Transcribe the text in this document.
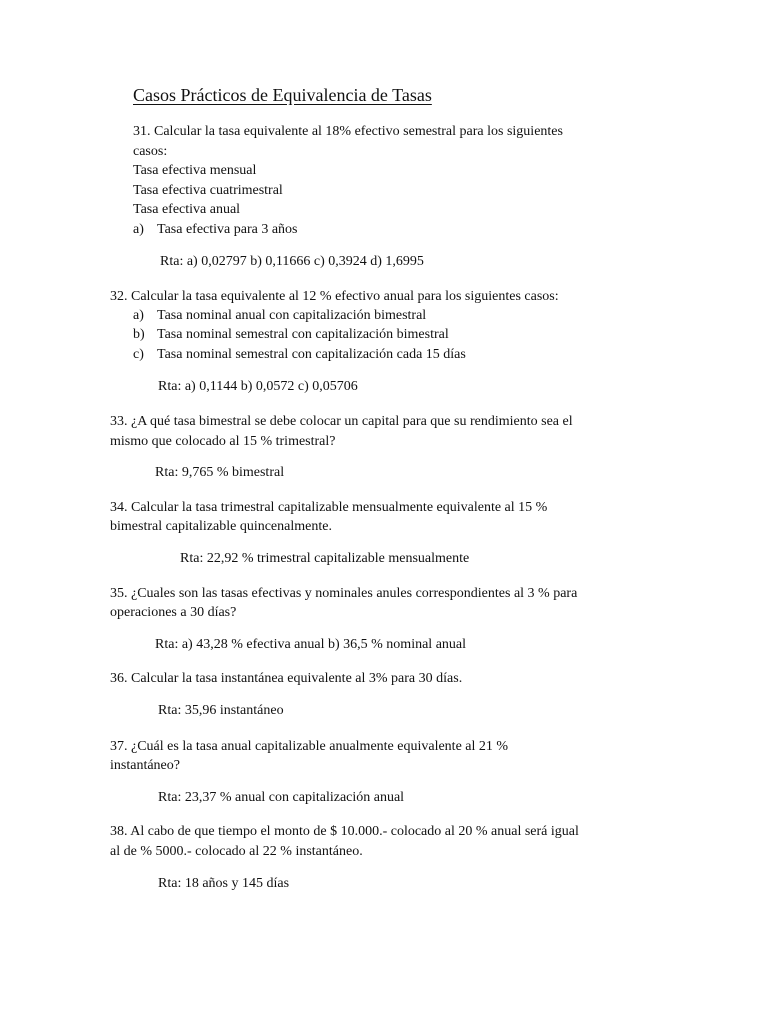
Casos Prácticos de Equivalencia de Tasas
31. Calcular la tasa equivalente al 18% efectivo semestral para los siguientes
casos:
Tasa efectiva mensual
Tasa efectiva cuatrimestral
Tasa efectiva anual
a) Tasa efectiva para 3 años
Rta: a) 0,02797 b) 0,11666 c) 0,3924 d) 1,6995
32. Calcular la tasa equivalente al 12 % efectivo anual para los siguientes casos:
a) Tasa nominal anual con capitalización bimestral
b) Tasa nominal semestral con capitalización bimestral
c) Tasa nominal semestral con capitalización cada 15 días
Rta: a) 0,1144 b) 0,0572 c) 0,05706
33. ¿A qué tasa bimestral se debe colocar un capital para que su rendimiento sea el
mismo que colocado al 15 % trimestral?
Rta: 9,765 % bimestral
34. Calcular la tasa trimestral capitalizable mensualmente equivalente al 15 %
bimestral capitalizable quincenalmente.
Rta: 22,92 % trimestral capitalizable mensualmente
35. ¿Cuales son las tasas efectivas y nominales anules correspondientes al 3 % para
operaciones a 30 días?
Rta: a) 43,28 % efectiva anual b) 36,5 % nominal anual
36. Calcular la tasa instantánea equivalente al 3% para 30 días.
Rta: 35,96 instantáneo
37. ¿Cuál es la tasa anual capitalizable anualmente equivalente al 21 %
instantáneo?
Rta: 23,37 % anual con capitalización anual
38. Al cabo de que tiempo el monto de $ 10.000.- colocado al 20 % anual será igual
al de % 5000.- colocado al 22 % instantáneo.
Rta: 18 años y 145 días
